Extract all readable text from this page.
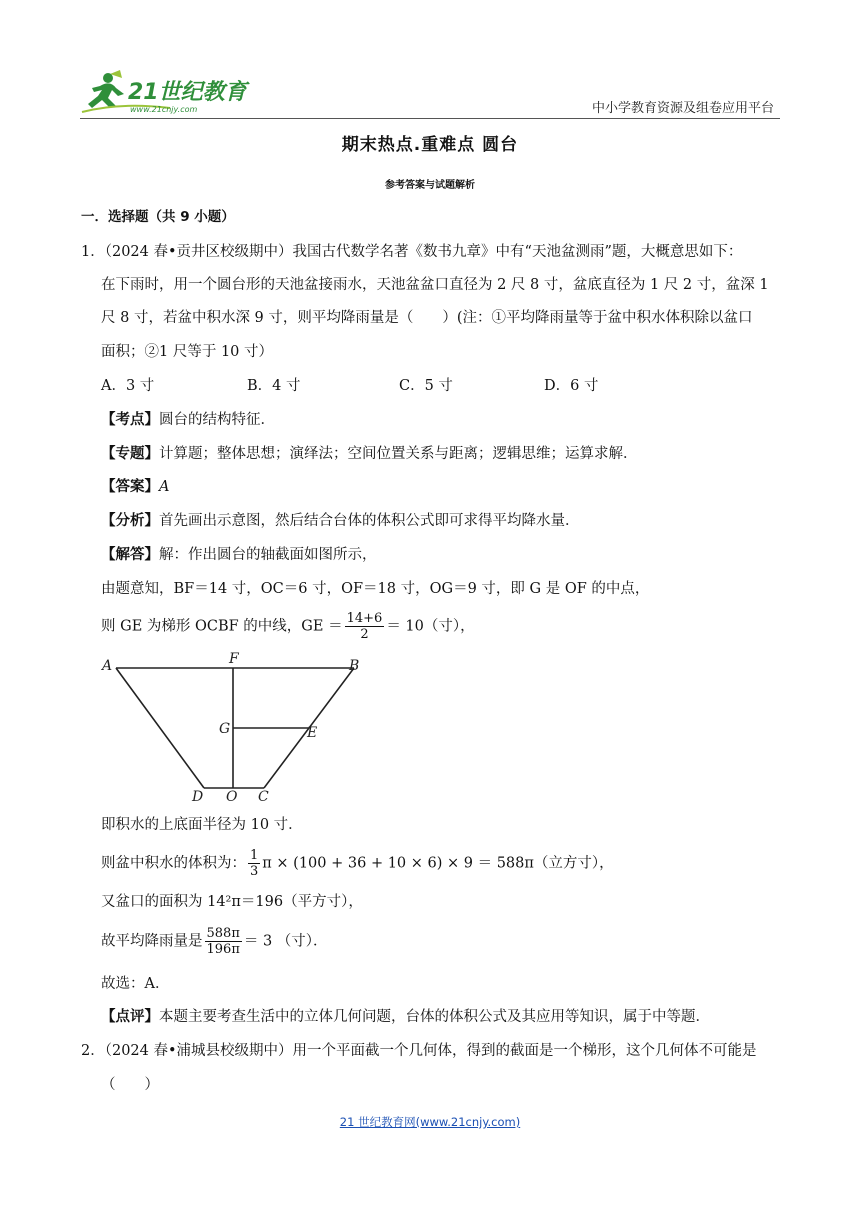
21世纪教育
www.21cnjy.com	中小学教育资源及组卷应用平台
期末热点.重难点 圆台
参考答案与试题解析
一．选择题（共 9 小题）
1．（2024 春•贡井区校级期中）我国古代数学名著《数书九章》中有“天池盆测雨”题，大概意思如下：
在下雨时，用一个圆台形的天池盆接雨水，天池盆盆口直径为 2 尺 8 寸，盆底直径为 1 尺 2 寸，盆深 1
尺 8 寸，若盆中积水深 9 寸，则平均降雨量是（　　）(注：①平均降雨量等于盆中积水体积除以盆口
面积；②1 尺等于 10 寸）
A．3 寸	B．4 寸	C．5 寸	D．6 寸
【考点】圆台的结构特征．
【专题】计算题；整体思想；演绎法；空间位置关系与距离；逻辑思维；运算求解．
【答案】A
【分析】首先画出示意图，然后结合台体的体积公式即可求得平均降水量．
【解答】解：作出圆台的轴截面如图所示，
由题意知，BF＝14 寸，OC＝6 寸，OF＝18 寸，OG＝9 寸，即 G 是 OF 的中点，
则 GE 为梯形 OCBF 的中线，GE ＝ $\frac{14+6}{2} = 10$（寸），
A	F	B
G	E
D O C
即积水的上底面半径为 10 寸．
则盆中积水的体积为： $\frac{1}{3}$ π × (100 + 36 + 10 × 6) × 9 ＝ 588π（立方寸），
又盆口的面积为 14²π＝196（平方寸），
故平均降雨量是 $\frac{588\pi}{196\pi} = 3$ （寸）．
故选：A．
【点评】本题主要考查生活中的立体几何问题，台体的体积公式及其应用等知识，属于中等题．
2．（2024 春•浦城县校级期中）用一个平面截一个几何体，得到的截面是一个梯形，这个几何体不可能是
（　　）
21 世纪教育网(www.21cnjy.com)
